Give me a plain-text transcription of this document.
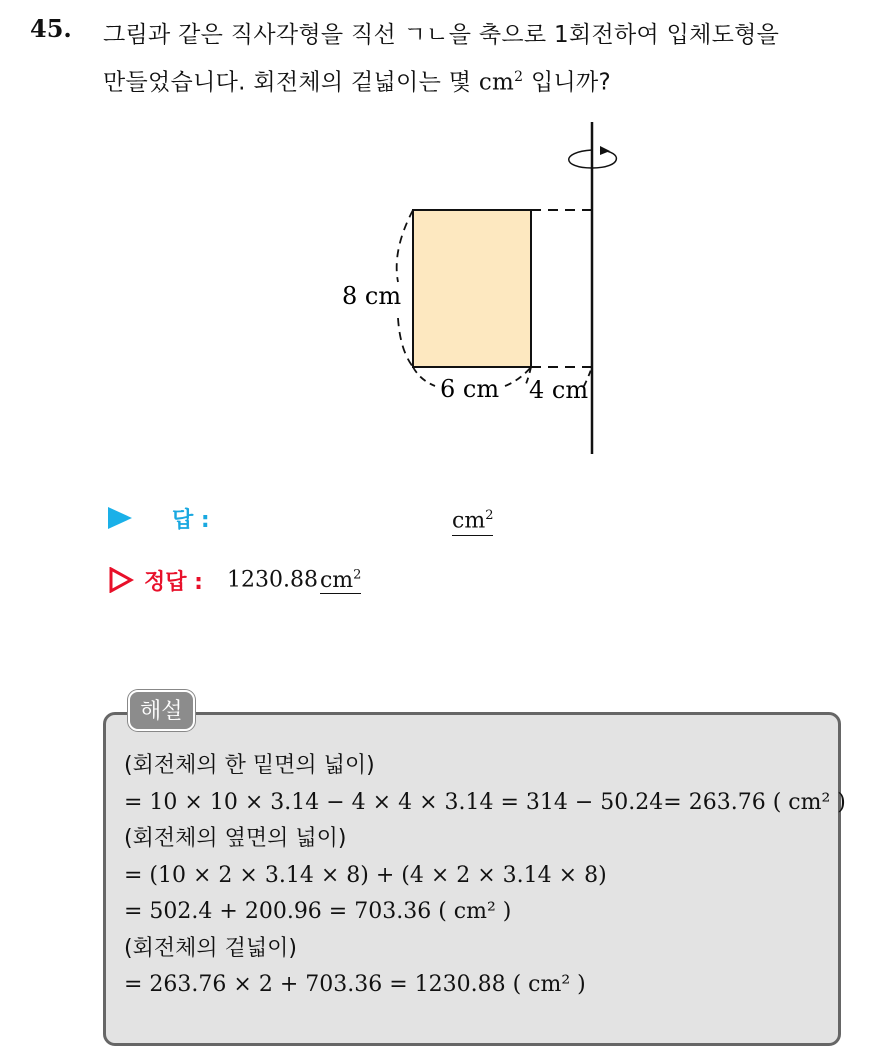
45. 그림과 같은 직사각형을 직선 ㄱㄴ을 축으로 1회전하여 입체도형을
만들었습니다. 회전체의 겉넓이는 몇 $cm^2$ 입니까?
8 cm
6 cm 4 cm
답 :	$cm^2$
정답 : $1230.88cm^2$
해설
(회전체의 한 밑면의 넓이)
= 10 × 10 × 3.14 − 4 × 4 × 3.14 = 314 − 50.24= 263.76 ( cm² )
(회전체의 옆면의 넓이)
= (10 × 2 × 3.14 × 8) + (4 × 2 × 3.14 × 8)
= 502.4 + 200.96 = 703.36 ( cm² )
(회전체의 겉넓이)
= 263.76 × 2 + 703.36 = 1230.88 ( cm² )
